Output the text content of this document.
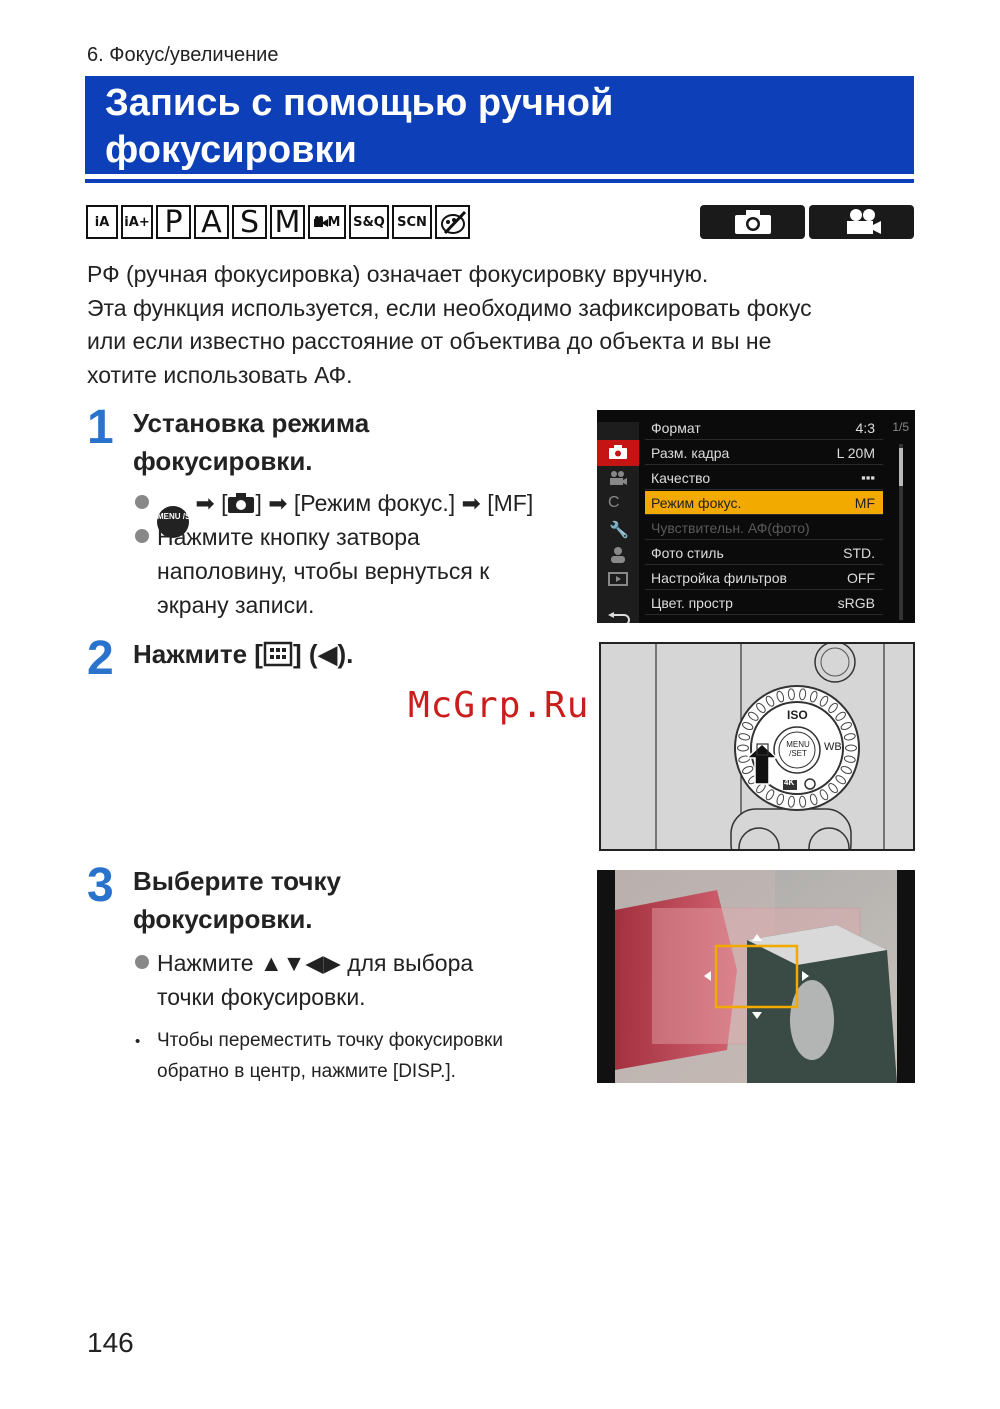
6. Фокус/увеличение
Запись с помощью ручной
фокусировки
iA iA+ P A S M M S&Q SCN

РФ (ручная фокусировка) означает фокусировку вручную.

Эта функция используется, если необходимо зафиксировать фокус

или если известно расстояние от объектива до объекта и вы не

хотите использовать АФ.

1 Установка режима
фокусировки.
MENU /SET ➡ [ ] ➡ [Режим фокус.] ➡ [MF]
Нажмите кнопку затвора
наполовину, чтобы вернуться к
экрану записи.
C
🔧
1/5
Формат	4:3
Разм. кадра	L 20M
Качество	▪▪▪
Режим фокус.	MF
Чувствительн. АФ(фото)
Фото стиль	STD.
Настройка фильтров	OFF
Цвет. простр	sRGB
2 Нажмите [ ] (◀).
ISO
WB
MENU /SET
4K
3 Выберите точку
фокусировки.
Нажмите ▲▼◀▶ для выбора
точки фокусировки.
• Чтобы переместить точку фокусировки
обратно в центр, нажмите [DISP.].
McGrp.Ru
146
